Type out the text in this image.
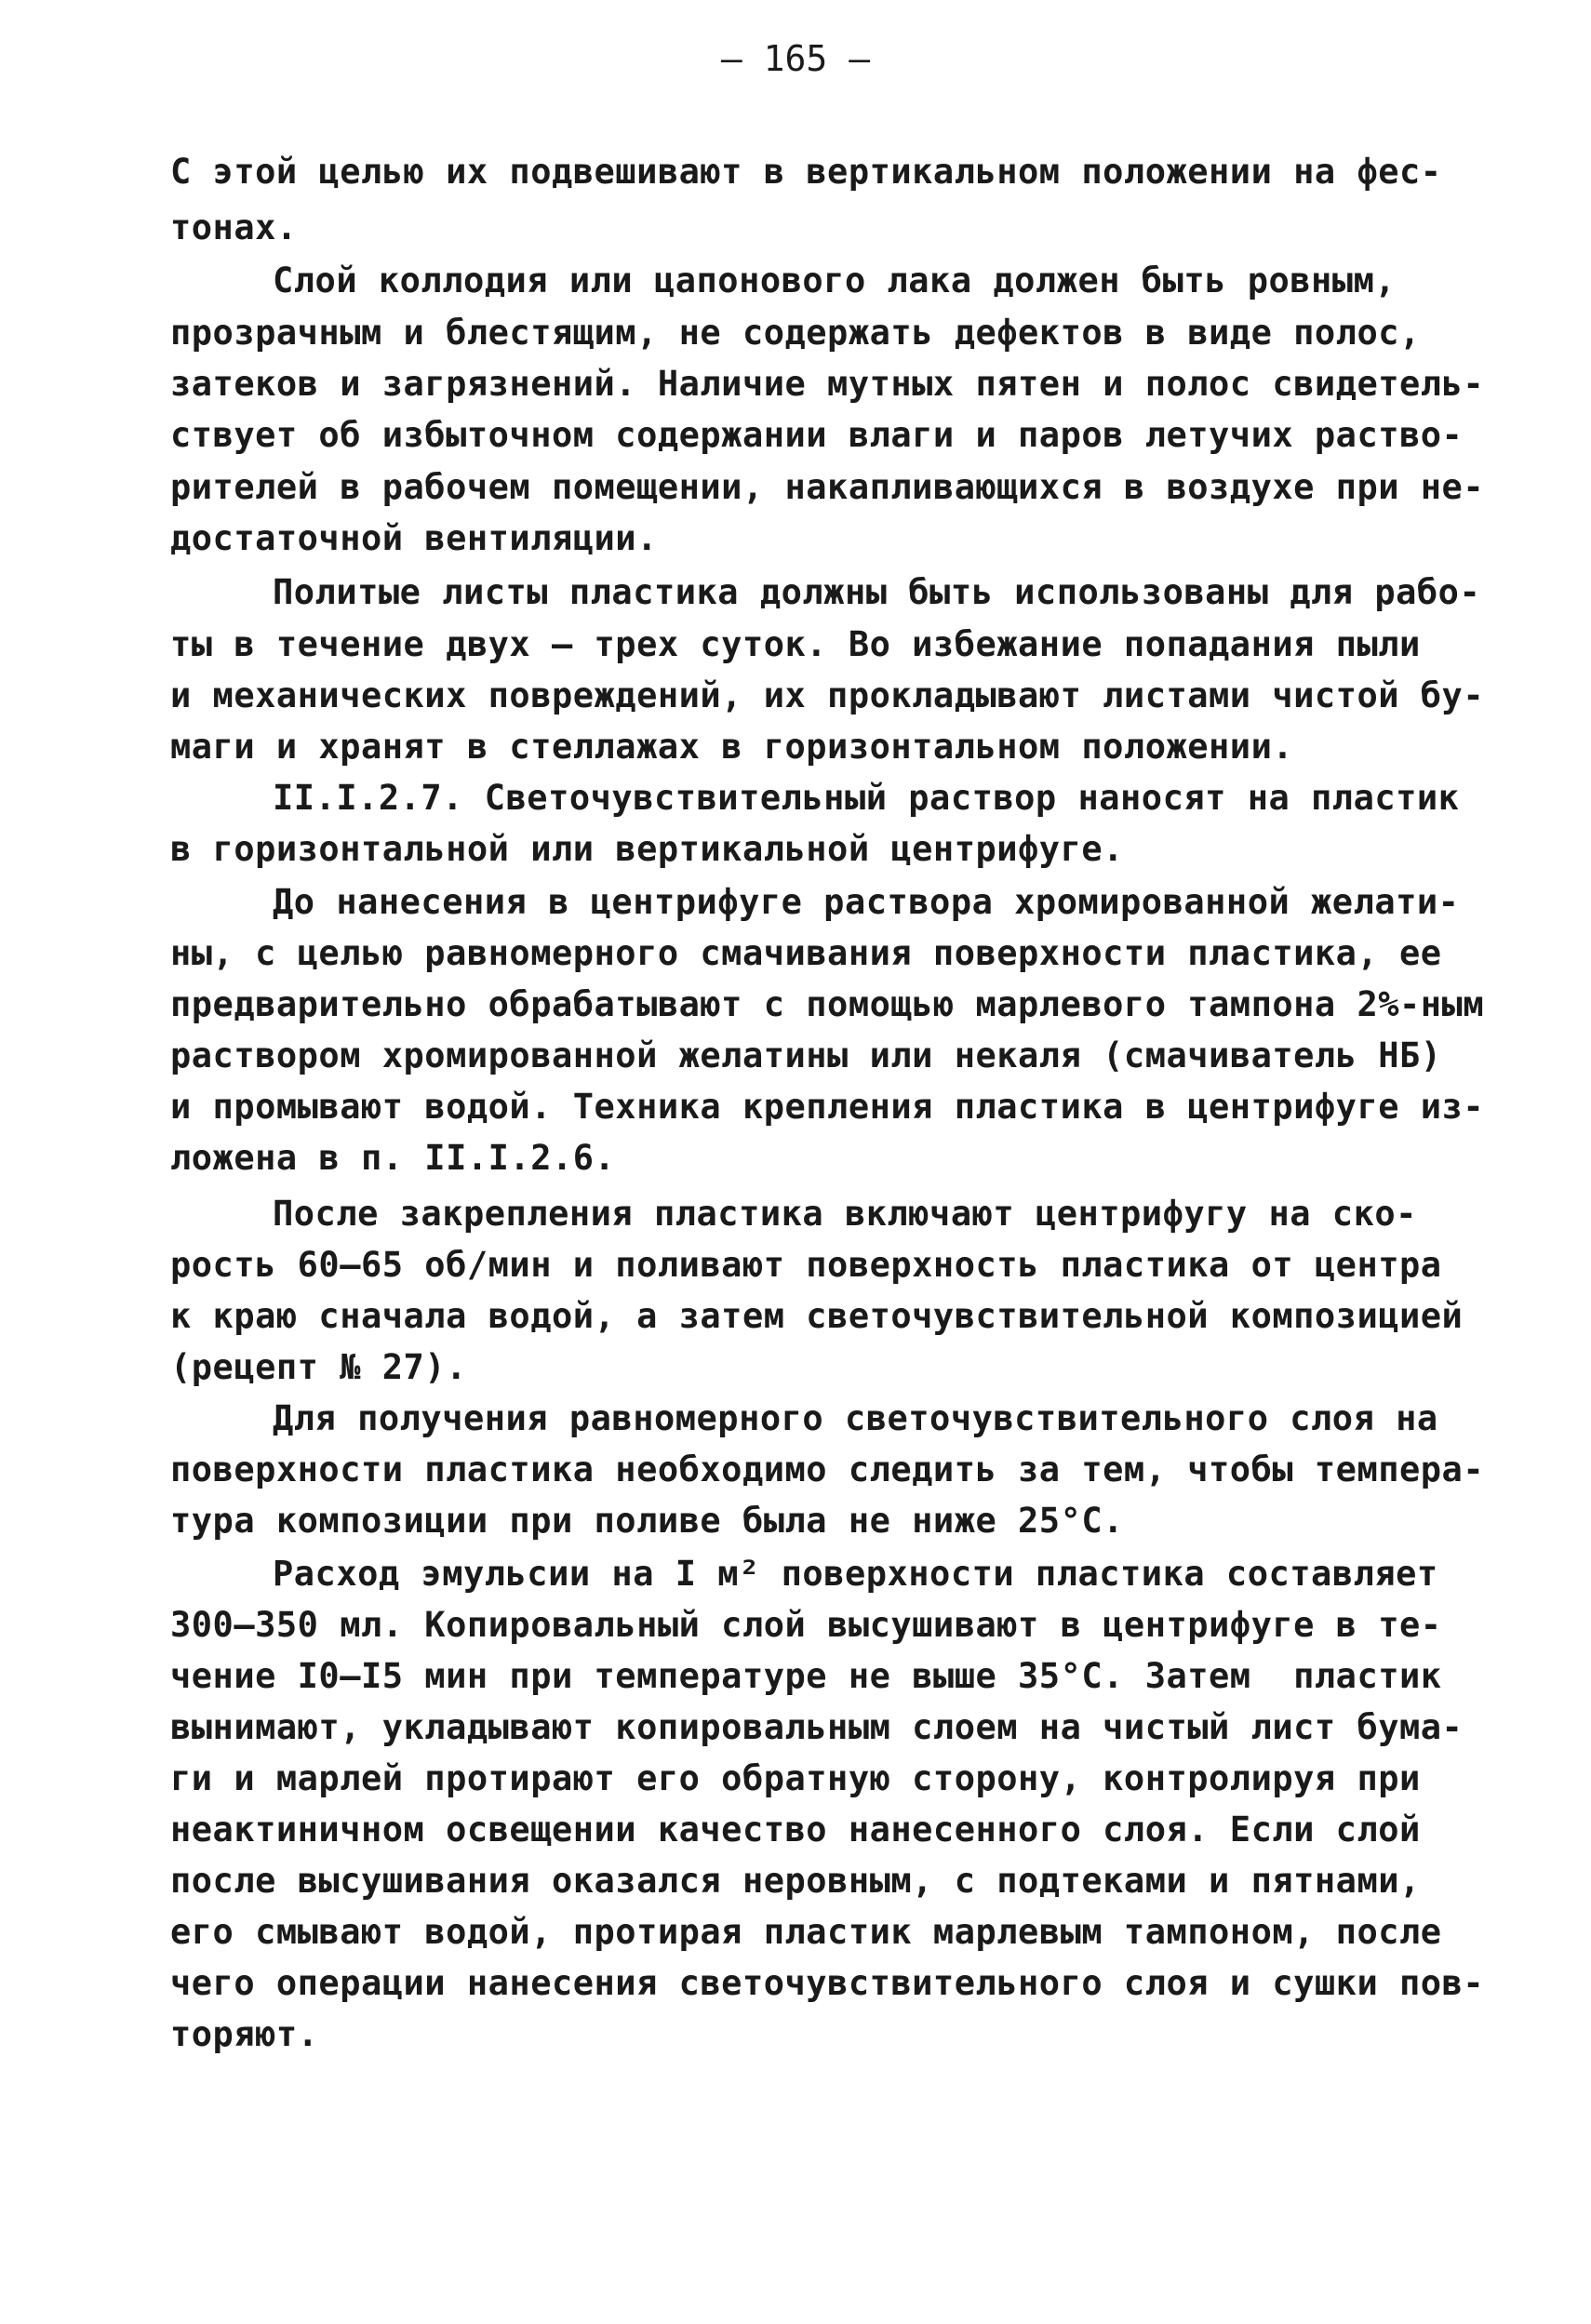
– 165 –
С этой целью их подвешивают в вертикальном положении на фес-
тонах.
Слой коллодия или цапонового лака должен быть ровным,
прозрачным и блестящим, не содержать дефектов в виде полос,
затеков и загрязнений. Наличие мутных пятен и полос свидетель-
ствует об избыточном содержании влаги и паров летучих раство-
рителей в рабочем помещении, накапливающихся в воздухе при не-
достаточной вентиляции.
Политые листы пластика должны быть использованы для рабо-
ты в течение двух – трех суток. Во избежание попадания пыли
и механических повреждений, их прокладывают листами чистой бу-
маги и хранят в стеллажах в горизонтальном положении.
II.I.2.7. Светочувствительный раствор наносят на пластик
в горизонтальной или вертикальной центрифуге.
До нанесения в центрифуге раствора хромированной желати-
ны, с целью равномерного смачивания поверхности пластика, ее
предварительно обрабатывают с помощью марлевого тампона 2%-ным
раствором хромированной желатины или некаля (смачиватель НБ)
и промывают водой. Техника крепления пластика в центрифуге из-
ложена в п. II.I.2.6.
После закрепления пластика включают центрифугу на ско-
рость 60–65 об/мин и поливают поверхность пластика от центра
к краю сначала водой, а затем светочувствительной композицией
(рецепт № 27).
Для получения равномерного светочувствительного слоя на
поверхности пластика необходимо следить за тем, чтобы темпера-
тура композиции при поливе была не ниже 25°С.
Расход эмульсии на I м² поверхности пластика составляет
300–350 мл. Копировальный слой высушивают в центрифуге в те-
чение I0–I5 мин при температуре не выше 35°С. Затем  пластик
вынимают, укладывают копировальным слоем на чистый лист бума-
ги и марлей протирают его обратную сторону, контролируя при
неактиничном освещении качество нанесенного слоя. Если слой
после высушивания оказался неровным, с подтеками и пятнами,
его смывают водой, протирая пластик марлевым тампоном, после
чего операции нанесения светочувствительного слоя и сушки пов-
торяют.
